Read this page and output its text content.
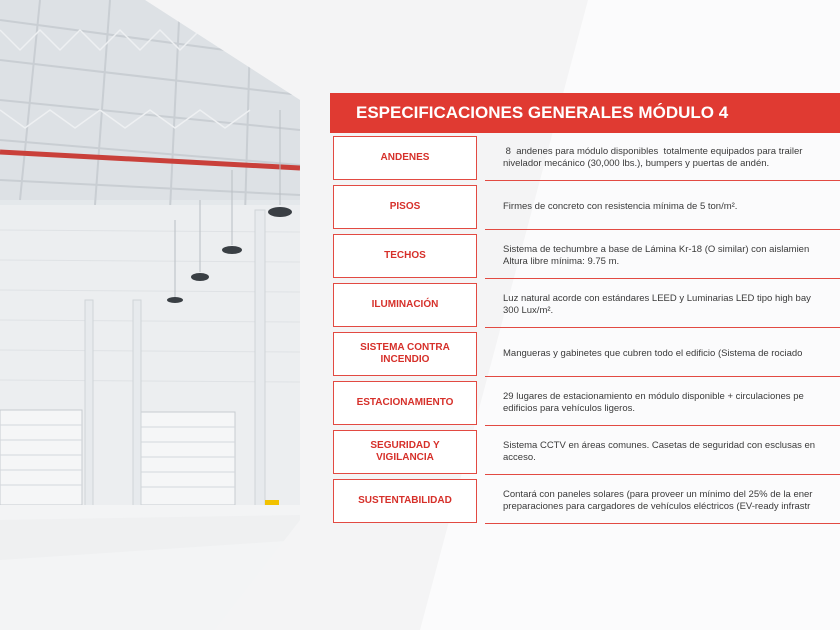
ESPECIFICACIONES GENERALES MÓDULO 4
ANDENES
8  andenes para módulo disponibles  totalmente equipados para trailer
nivelador mecánico (30,000 lbs.), bumpers y puertas de andén.
PISOS	Firmes de concreto con resistencia mínima de 5 ton/m².
TECHOS
Sistema de techumbre a base de Lámina Kr-18 (O similar) con aislamien
Altura libre mínima: 9.75 m.
ILUMINACIÓN
Luz natural acorde con estándares LEED y Luminarias LED tipo high bay
300 Lux/m².
SISTEMA CONTRA
INCENDIO
Mangueras y gabinetes que cubren todo el edificio (Sistema de rociado
ESTACIONAMIENTO
29 lugares de estacionamiento en módulo disponible + circulaciones pe
edificios para vehículos ligeros.
SEGURIDAD Y
VIGILANCIA
Sistema CCTV en áreas comunes. Casetas de seguridad con esclusas en
acceso.
SUSTENTABILIDAD
Contará con paneles solares (para proveer un mínimo del 25% de la ener
preparaciones para cargadores de vehículos eléctricos (EV-ready infrastr
